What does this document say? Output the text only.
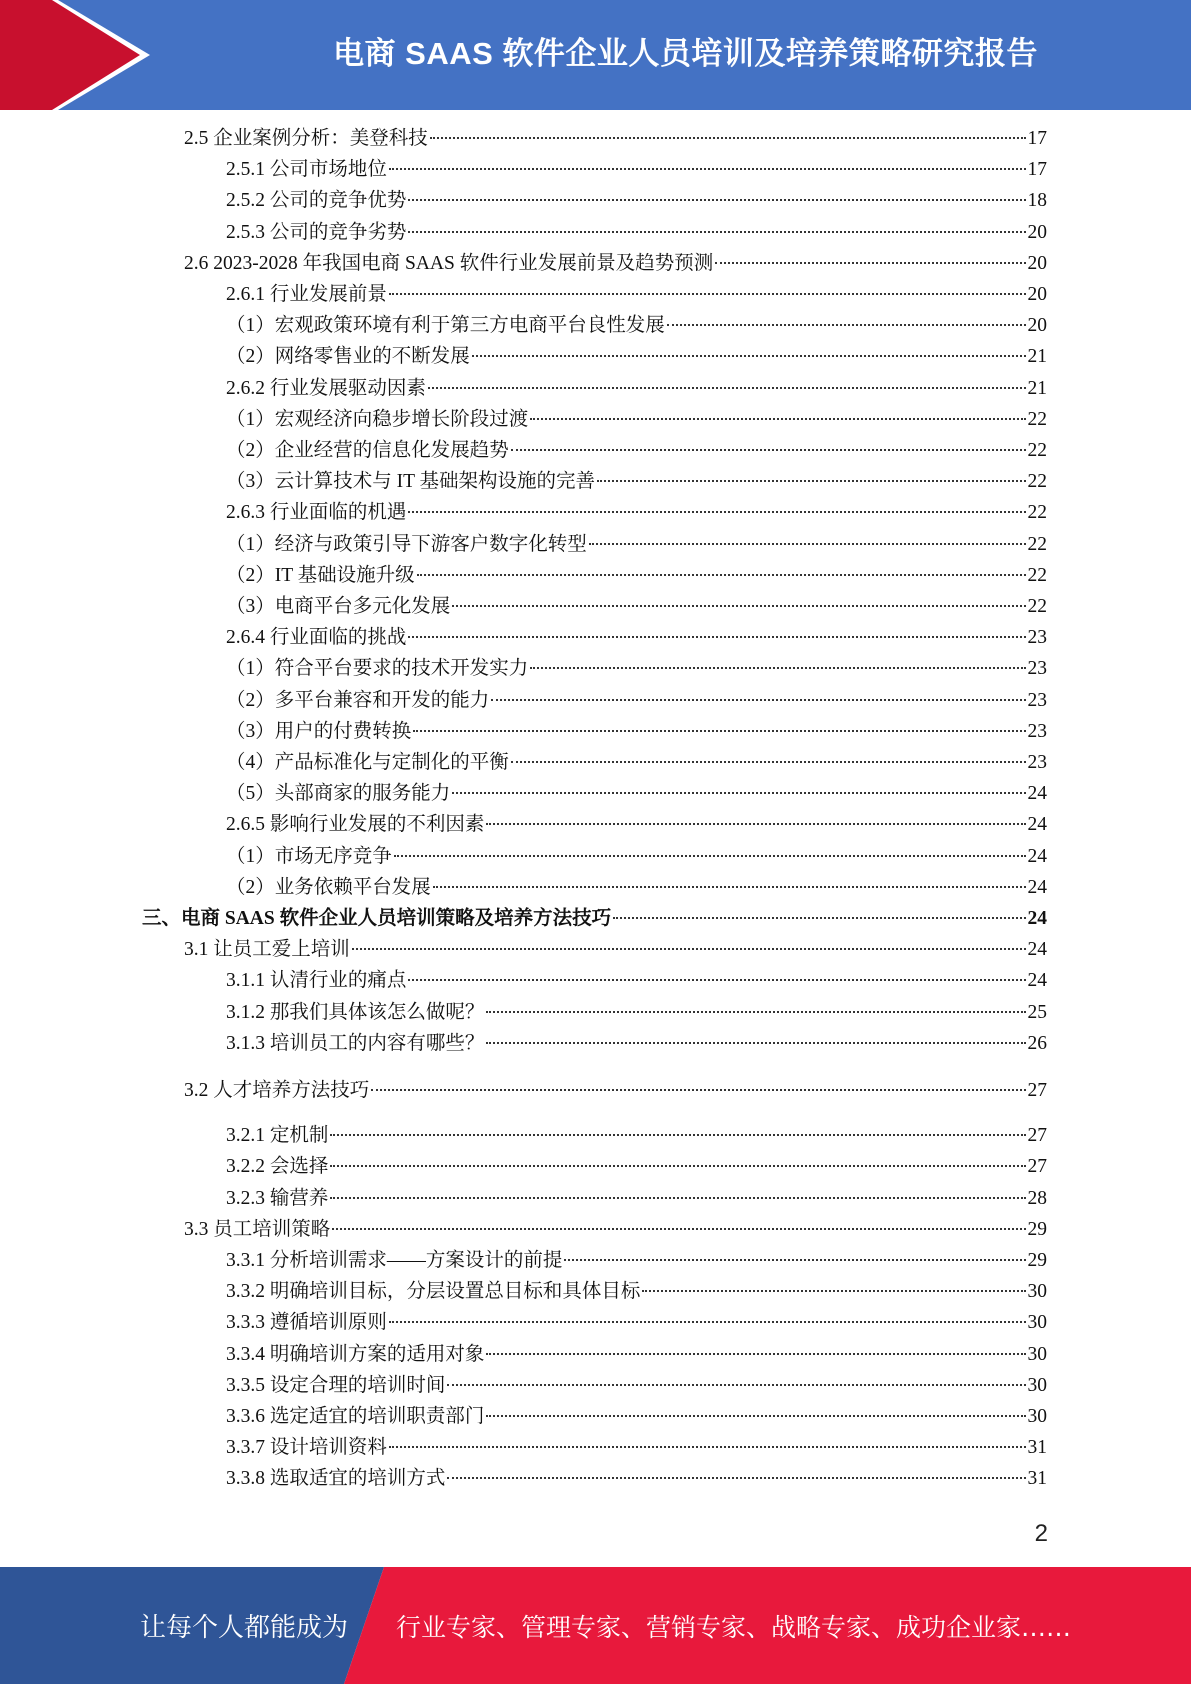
电商 SAAS 软件企业人员培训及培养策略研究报告
2.5 企业案例分析：美登科技	17
2.5.1 公司市场地位	17
2.5.2 公司的竞争优势	18
2.5.3 公司的竞争劣势	20
2.6 2023-2028 年我国电商 SAAS 软件行业发展前景及趋势预测	20
2.6.1 行业发展前景	20
（1）宏观政策环境有利于第三方电商平台良性发展	20
（2）网络零售业的不断发展	21
2.6.2 行业发展驱动因素	21
（1）宏观经济向稳步增长阶段过渡	22
（2）企业经营的信息化发展趋势	22
（3）云计算技术与 IT 基础架构设施的完善	22
2.6.3 行业面临的机遇	22
（1）经济与政策引导下游客户数字化转型	22
（2）IT 基础设施升级	22
（3）电商平台多元化发展	22
2.6.4 行业面临的挑战	23
（1）符合平台要求的技术开发实力	23
（2）多平台兼容和开发的能力	23
（3）用户的付费转换	23
（4）产品标准化与定制化的平衡	23
（5）头部商家的服务能力	24
2.6.5 影响行业发展的不利因素	24
（1）市场无序竞争	24
（2）业务依赖平台发展	24
三、电商 SAAS 软件企业人员培训策略及培养方法技巧	24
3.1 让员工爱上培训	24
3.1.1 认清行业的痛点	24
3.1.2 那我们具体该怎么做呢？	25
3.1.3 培训员工的内容有哪些？	26
3.2 人才培养方法技巧	27
3.2.1 定机制	27
3.2.2 会选择	27
3.2.3 输营养	28
3.3 员工培训策略	29
3.3.1 分析培训需求——方案设计的前提	29
3.3.2 明确培训目标，分层设置总目标和具体目标	30
3.3.3 遵循培训原则	30
3.3.4 明确培训方案的适用对象	30
3.3.5 设定合理的培训时间	30
3.3.6 选定适宜的培训职责部门	30
3.3.7 设计培训资料	31
3.3.8 选取适宜的培训方式	31
2
让每个人都能成为 行业专家、管理专家、营销专家、战略专家、成功企业家……
